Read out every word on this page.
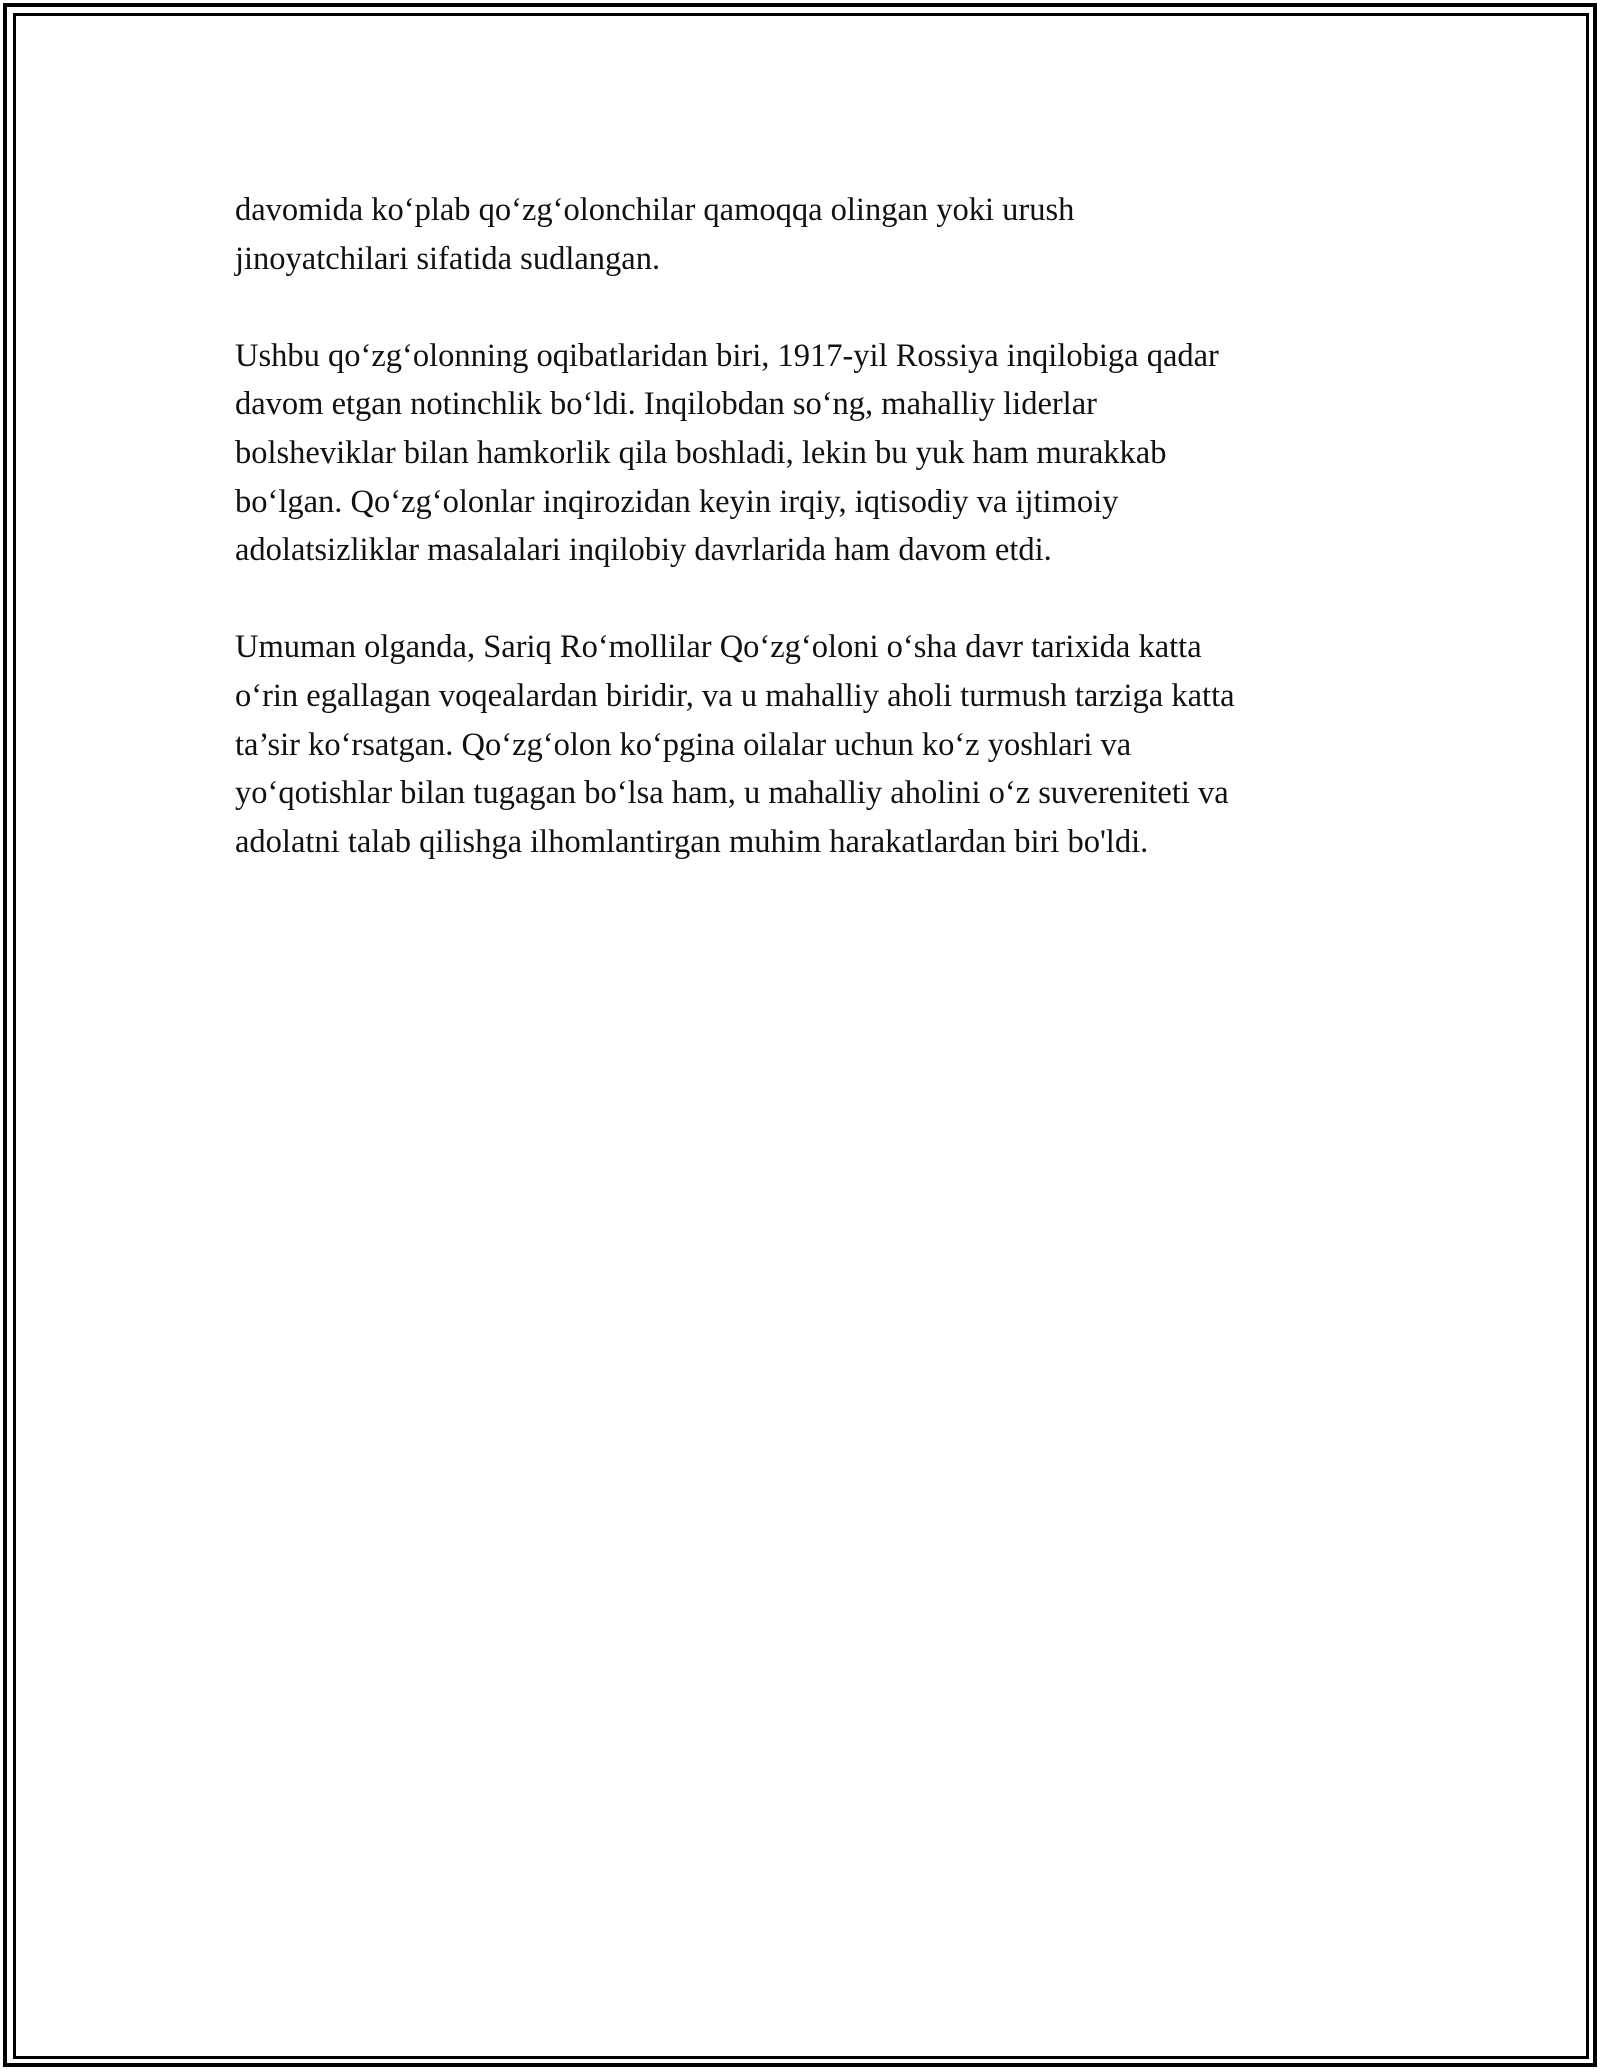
davomida ko‘plab qo‘zg‘olonchilar qamoqqa olingan yoki urush
jinoyatchilari sifatida sudlangan.

Ushbu qo‘zg‘olonning oqibatlaridan biri, 1917-yil Rossiya inqilobiga qadar
davom etgan notinchlik bo‘ldi. Inqilobdan so‘ng, mahalliy liderlar
bolsheviklar bilan hamkorlik qila boshladi, lekin bu yuk ham murakkab
bo‘lgan. Qo‘zg‘olonlar inqirozidan keyin irqiy, iqtisodiy va ijtimoiy
adolatsizliklar masalalari inqilobiy davrlarida ham davom etdi.

Umuman olganda, Sariq Ro‘mollilar Qo‘zg‘oloni o‘sha davr tarixida katta
o‘rin egallagan voqealardan biridir, va u mahalliy aholi turmush tarziga katta
ta’sir ko‘rsatgan. Qo‘zg‘olon ko‘pgina oilalar uchun ko‘z yoshlari va
yo‘qotishlar bilan tugagan bo‘lsa ham, u mahalliy aholini o‘z suvereniteti va
adolatni talab qilishga ilhomlantirgan muhim harakatlardan biri bo'ldi.
